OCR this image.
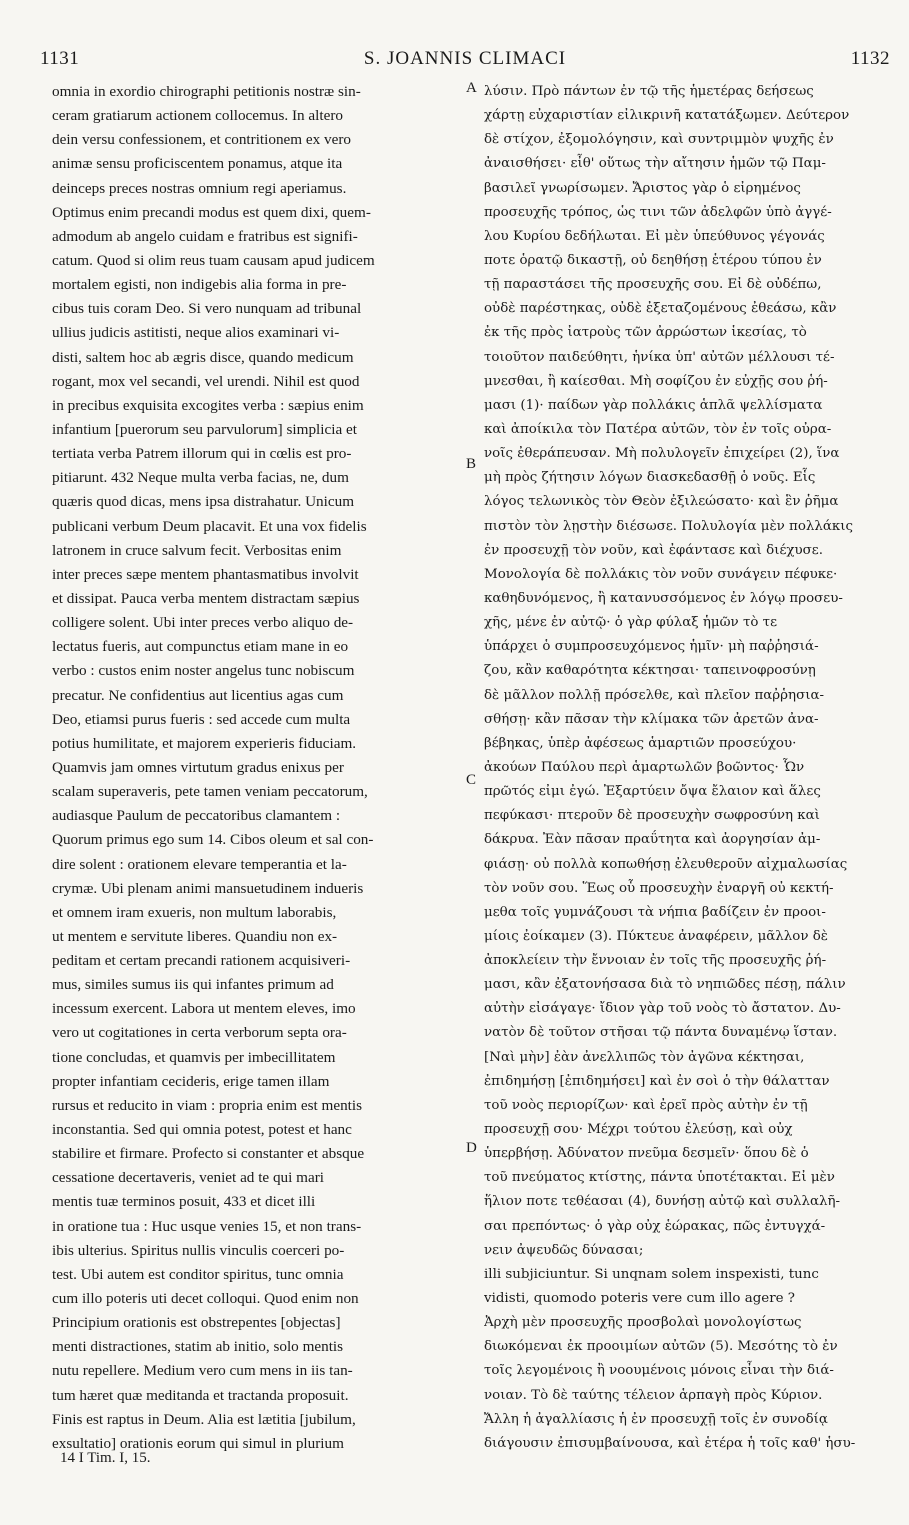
1131	S. JOANNIS CLIMACI	1132
omnia in exordio chirographi petitionis nostræ sin-
ceram gratiarum actionem collocemus. In altero
dein versu confessionem, et contritionem ex vero
animæ sensu proficiscentem ponamus, atque ita
deinceps preces nostras omnium regi aperiamus.
Optimus enim precandi modus est quem dixi, quem-
admodum ab angelo cuidam e fratribus est signifi-
catum. Quod si olim reus tuam causam apud judicem
mortalem egisti, non indigebis alia forma in pre-
cibus tuis coram Deo. Si vero nunquam ad tribunal
ullius judicis astitisti, neque alios examinari vi-
disti, saltem hoc ab ægris disce, quando medicum
rogant, mox vel secandi, vel urendi. Nihil est quod
in precibus exquisita excogites verba : sæpius enim
infantium [puerorum seu parvulorum] simplicia et
tertiata verba Patrem illorum qui in cœlis est pro-
pitiarunt. 432 Neque multa verba facias, ne, dum
quæris quod dicas, mens ipsa distrahatur. Unicum
publicani verbum Deum placavit. Et una vox fidelis
latronem in cruce salvum fecit. Verbositas enim
inter preces sæpe mentem phantasmatibus involvit
et dissipat. Pauca verba mentem distractam sæpius
colligere solent. Ubi inter preces verbo aliquo de-
lectatus fueris, aut compunctus etiam mane in eo
verbo : custos enim noster angelus tunc nobiscum
precatur. Ne confidentius aut licentius agas cum
Deo, etiamsi purus fueris : sed accede cum multa
potius humilitate, et majorem experieris fiduciam.
Quamvis jam omnes virtutum gradus enixus per
scalam superaveris, pete tamen veniam peccatorum,
audiasque Paulum de peccatoribus clamantem :
Quorum primus ego sum 14. Cibos oleum et sal con-
dire solent : orationem elevare temperantia et la-
crymæ. Ubi plenam animi mansuetudinem indueris
et omnem iram exueris, non multum laborabis,
ut mentem e servitute liberes. Quandiu non ex-
peditam et certam precandi rationem acquisiveri-
mus, similes sumus iis qui infantes primum ad
incessum exercent. Labora ut mentem eleves, imo
vero ut cogitationes in certa verborum septa ora-
tione concludas, et quamvis per imbecillitatem
propter infantiam cecideris, erige tamen illam
rursus et reducito in viam : propria enim est mentis
inconstantia. Sed qui omnia potest, potest et hanc
stabilire et firmare. Profecto si constanter et absque
cessatione decertaveris, veniet ad te qui mari
mentis tuæ terminos posuit, 433 et dicet illi
in oratione tua : Huc usque venies 15, et non trans-
ibis ulterius. Spiritus nullis vinculis coerceri po-
test. Ubi autem est conditor spiritus, tunc omnia
cum illo poteris uti decet colloqui. Quod enim non
Principium orationis est obstrepentes [objectas]
menti distractiones, statim ab initio, solo mentis
nutu repellere. Medium vero cum mens in iis tan-
tum hæret quæ meditanda et tractanda proposuit.
Finis est raptus in Deum. Alia est lætitia [jubilum,
exsultatio] orationis eorum qui simul in plurium
λύσιν. Πρὸ πάντων ἐν τῷ τῆς ἡμετέρας δεήσεως
χάρτῃ εὐχαριστίαν εἰλικρινῆ κατατάξωμεν. Δεύτερον
δὲ στίχον, ἐξομολόγησιν, καὶ συντριμμὸν ψυχῆς ἐν
ἀναισθήσει· εἶθ' οὕτως τὴν αἴτησιν ἡμῶν τῷ Παμ-
βασιλεῖ γνωρίσωμεν. Ἄριστος γὰρ ὁ εἰρημένος
προσευχῆς τρόπος, ὡς τινι τῶν ἀδελφῶν ὑπὸ ἀγγέ-
λου Κυρίου δεδήλωται. Εἰ μὲν ὑπεύθυνος γέγονάς
ποτε ὁρατῷ δικαστῇ, οὐ δεηθήσῃ ἑτέρου τύπου ἐν
τῇ παραστάσει τῆς προσευχῆς σου. Εἰ δὲ οὐδέπω,
οὐδὲ παρέστηκας, οὐδὲ ἐξεταζομένους ἐθεάσω, κἂν
ἐκ τῆς πρὸς ἰατροὺς τῶν ἀρρώστων ἱκεσίας, τὸ
τοιοῦτον παιδεύθητι, ἡνίκα ὑπ' αὐτῶν μέλλουσι τέ-
μνεσθαι, ἢ καίεσθαι. Μὴ σοφίζου ἐν εὐχῇς σου ῥή-
μασι (1)· παίδων γὰρ πολλάκις ἁπλᾶ ψελλίσματα
καὶ ἀποίκιλα τὸν Πατέρα αὐτῶν, τὸν ἐν τοῖς οὐρα-
νοῖς ἐθεράπευσαν. Μὴ πολυλογεῖν ἐπιχείρει (2), ἵνα
μὴ πρὸς ζήτησιν λόγων διασκεδασθῇ ὁ νοῦς. Εἷς
λόγος τελωνικὸς τὸν Θεὸν ἐξιλεώσατο· καὶ ἓν ῥῆμα
πιστὸν τὸν λῃστὴν διέσωσε. Πολυλογία μὲν πολλάκις
ἐν προσευχῇ τὸν νοῦν, καὶ ἐφάντασε καὶ διέχυσε.
Μονολογία δὲ πολλάκις τὸν νοῦν συνάγειν πέφυκε·
καθηδυνόμενος, ἢ κατανυσσόμενος ἐν λόγῳ προσευ-
χῆς, μένε ἐν αὐτῷ· ὁ γὰρ φύλαξ ἡμῶν τὸ τε
ὑπάρχει ὁ συμπροσευχόμενος ἡμῖν· μὴ παῤῥησιά-
ζου, κἂν καθαρότητα κέκτησαι· ταπεινοφροσύνῃ
δὲ μᾶλλον πολλῇ πρόσελθε, καὶ πλεῖον παῤῥησια-
σθήσῃ· κἂν πᾶσαν τὴν κλίμακα τῶν ἀρετῶν ἀνα-
βέβηκας, ὑπὲρ ἀφέσεως ἁμαρτιῶν προσεύχου·
ἀκούων Παύλου περὶ ἁμαρτωλῶν βοῶντος· Ὧν
πρῶτός εἰμι ἐγώ. Ἐξαρτύειν ὄψα ἔλαιον καὶ ἅλες
πεφύκασι· πτεροῦν δὲ προσευχὴν σωφροσύνη καὶ
δάκρυα. Ἐὰν πᾶσαν πραΰτητα καὶ ἀοργησίαν ἀμ-
φιάσῃ· οὐ πολλὰ κοπωθήσῃ ἐλευθεροῦν αἰχμαλωσίας
τὸν νοῦν σου. Ἕως οὗ προσευχὴν ἐναργῆ οὐ κεκτή-
μεθα τοῖς γυμνάζουσι τὰ νήπια βαδίζειν ἐν προοι-
μίοις ἐοίκαμεν (3). Πύκτευε ἀναφέρειν, μᾶλλον δὲ
ἀποκλείειν τὴν ἔννοιαν ἐν τοῖς τῆς προσευχῆς ῥή-
μασι, κἂν ἐξατονήσασα διὰ τὸ νηπιῶδες πέσῃ, πάλιν
αὐτὴν εἰσάγαγε· ἴδιον γὰρ τοῦ νοὸς τὸ ἄστατον. Δυ-
νατὸν δὲ τοῦτον στῆσαι τῷ πάντα δυναμένῳ ἵσταν.
[Ναὶ μὴν] ἐὰν ἀνελλιπῶς τὸν ἀγῶνα κέκτησαι,
ἐπιδημήσῃ [ἐπιδημήσει] καὶ ἐν σοὶ ὁ τὴν θάλατταν
τοῦ νοὸς περιορίζων· καὶ ἐρεῖ πρὸς αὐτὴν ἐν τῇ
προσευχῇ σου· Μέχρι τούτου ἐλεύσῃ, καὶ οὐχ
ὑπερβήσῃ. Ἀδύνατον πνεῦμα δεσμεῖν· ὅπου δὲ ὁ
τοῦ πνεύματος κτίστης, πάντα ὑποτέτακται. Εἰ μὲν
ἥλιον ποτε τεθέασαι (4), δυνήσῃ αὐτῷ καὶ συλλαλῆ-
σαι πρεπόντως· ὁ γὰρ οὐχ ἑώρακας, πῶς ἐντυγχά-
νειν ἀψευδῶς δύνασαι;
illi subjiciuntur. Si unqnam solem inspexisti, tunc
vidisti, quomodo poteris vere cum illo agere ?
Ἀρχὴ μὲν προσευχῆς προσβολαὶ μονολογίστως
διωκόμεναι ἐκ προοιμίων αὐτῶν (5). Μεσότης τὸ ἐν
τοῖς λεγομένοις ἢ νοουμένοις μόνοις εἶναι τὴν διά-
νοιαν. Τὸ δὲ ταύτης τέλειον ἁρπαγὴ πρὸς Κύριον.
Ἄλλη ἡ ἀγαλλίασις ἡ ἐν προσευχῇ τοῖς ἐν συνοδίᾳ
διάγουσιν ἐπισυμβαίνουσα, καὶ ἑτέρα ἡ τοῖς καθ' ἡσυ-
A
B
C
D
14 I Tim. I, 15.
